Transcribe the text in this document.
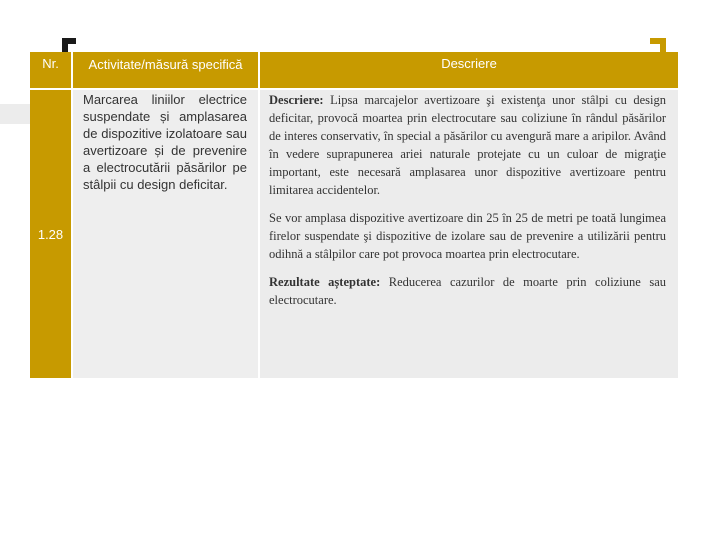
Nr.	Activitate/măsură specifică	Descriere
1.28
Marcarea liniilor electrice suspendate și amplasarea de dispozitive izolatoare sau avertizoare și de prevenire a electrocutării păsărilor pe stâlpii cu design deficitar.

Descriere: Lipsa marcajelor avertizoare şi existenţa unor stâlpi cu design deficitar, provocă moartea prin electrocutare sau coliziune în rândul păsărilor de interes conservativ, în special a păsărilor cu avengură mare a aripilor. Având în vedere suprapunerea ariei naturale protejate cu un culoar de migraţie important, este necesară amplasarea unor dispozitive avertizoare pentru limitarea accidentelor.

Se vor amplasa dispozitive avertizoare din 25 în 25 de metri pe toată lungimea firelor suspendate şi dispozitive de izolare sau de prevenire a utilizării pentru odihnă a stâlpilor care pot provoca moartea prin electrocutare.

Rezultate așteptate: Reducerea cazurilor de moarte prin coliziune sau electrocutare.
